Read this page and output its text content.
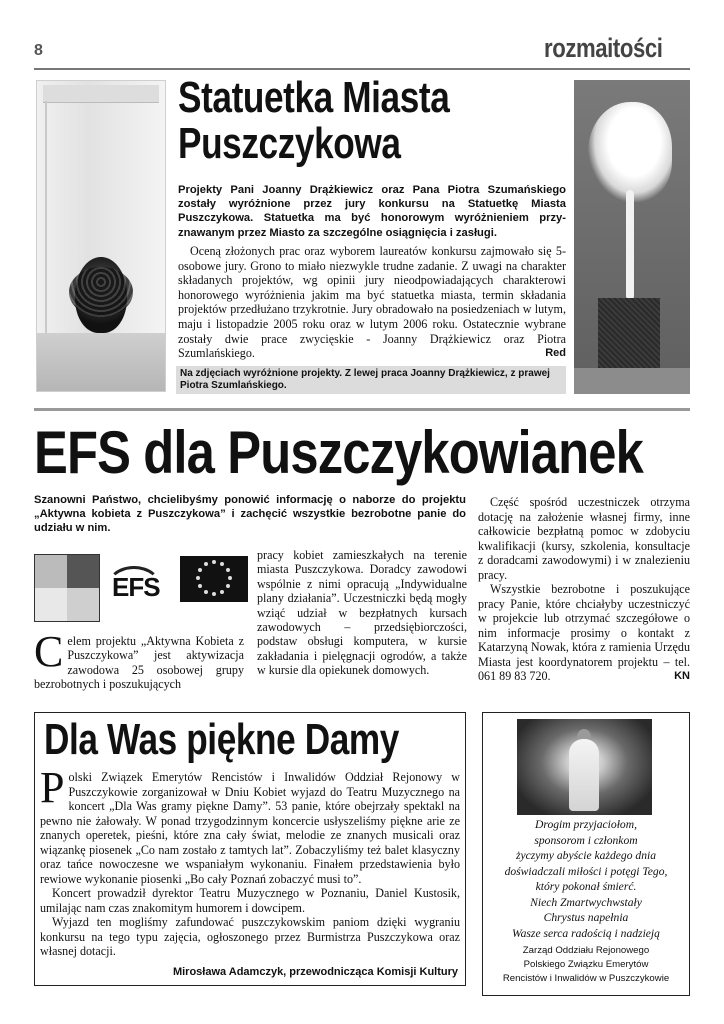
8	rozmaitości
Statuetka Miasta
Puszczykowa
Projekty Pani Joanny Drążkiewicz oraz Pana Piotra Szumańskiego zostały wyróżnione przez jury konkursu na Statuetkę Miasta Puszczykowa. Statuetka ma być honorowym wyróżnieniem przyznawanym przez Miasto za szczególne osiągnięcia i zasługi.
Oceną złożonych prac oraz wyborem laureatów konkursu zajmowało się 5-osobowe jury. Grono to miało niezwykle trudne zadanie. Z uwagi na charakter składanych projektów, wg opinii jury nieodpowiadających charakterowi honorowego wyróżnienia jakim ma być statuetka miasta, termin składania projektów przedłużano trzykrotnie. Jury obradowało na posiedzeniach w lutym, maju i listopadzie 2005 roku oraz w lutym 2006 roku. Ostatecznie wybrane zostały dwie prace zwycięskie - Joanny Drążkiewicz oraz Piotra Szumlańskiego.	Red
Na zdjęciach wyróżnione projekty. Z lewej praca Joanny Drążkiewicz, z prawej Piotra Szumlańskiego.
EFS dla Puszczykowianek
Szanowni Państwo, chcielibyśmy ponowić informację o naborze do projektu „Aktywna kobieta z Puszczykowa” i zachęcić wszystkie bezrobotne panie do udziału w nim.
EFS
Celem projektu „Aktywna Kobieta z Puszczykowa” jest aktywizacja zawodowa 25 osobowej grupy bezrobotnych i poszukujących
pracy kobiet zamieszkałych na terenie miasta Puszczykowa. Doradcy zawodowi wspólnie z nimi opracują „Indywidualne plany działania”. Uczestniczki będą mogły wziąć udział w bezpłatnych kursach zawodowych – przedsiębiorczości, podstaw obsługi komputera, w kursie zakładania i pielęgnacji ogrodów, a także w kursie dla opiekunek domowych.

Część spośród uczestniczek otrzyma dotację na założenie własnej firmy, inne całkowicie bezpłatną pomoc w zdobyciu kwalifikacji (kursy, szkolenia, konsultacje z doradcami zawodowymi) i w znalezieniu pracy.

Wszystkie bezrobotne i poszukujące pracy Panie, które chciałyby uczestniczyć w projekcie lub otrzymać szczegółowe o nim informacje prosimy o kontakt z Katarzyną Nowak, która z ramienia Urzędu Miasta jest koordynatorem projektu – tel. 061 89 83 720.	KN

Dla Was piękne Damy

Polski Związek Emerytów Rencistów i Inwalidów Oddział Rejonowy w Puszczykowie zorganizował w Dniu Kobiet wyjazd do Teatru Muzycznego na koncert „Dla Was gramy piękne Damy”. 53 panie, które obejrzały spektakl na pewno nie żałowały. W ponad trzygodzinnym koncercie usłyszeliśmy piękne arie ze znanych operetek, pieśni, które zna cały świat, melodie ze znanych musicali oraz wiązankę piosenek „Co nam zostało z tamtych lat”. Zobaczyliśmy też balet klasyczny oraz tańce nowoczesne we wspaniałym wykonaniu. Finałem przedstawienia było rewiowe wykonanie piosenki „Bo cały Poznań zobaczyć musi to”.

Koncert prowadził dyrektor Teatru Muzycznego w Poznaniu, Daniel Kustosik, umilając nam czas znakomitym humorem i dowcipem.

Wyjazd ten mogliśmy zafundować puszczykowskim paniom dzięki wygraniu konkursu na tego typu zajęcia, ogłoszonego przez Burmistrza Puszczykowa oraz własnej dotacji.

Mirosława Adamczyk, przewodnicząca Komisji Kultury
Drogim przyjaciołom,
sponsorom i członkom
życzymy abyście każdego dnia
doświadczali miłości i potęgi Tego,
który pokonał śmierć.
Niech Zmartwychwstały
Chrystus napełnia
Wasze serca radością i nadzieją
Zarząd Oddziału Rejonowego
Polskiego Związku Emerytów
Rencistów i Inwalidów w Puszczykowie
